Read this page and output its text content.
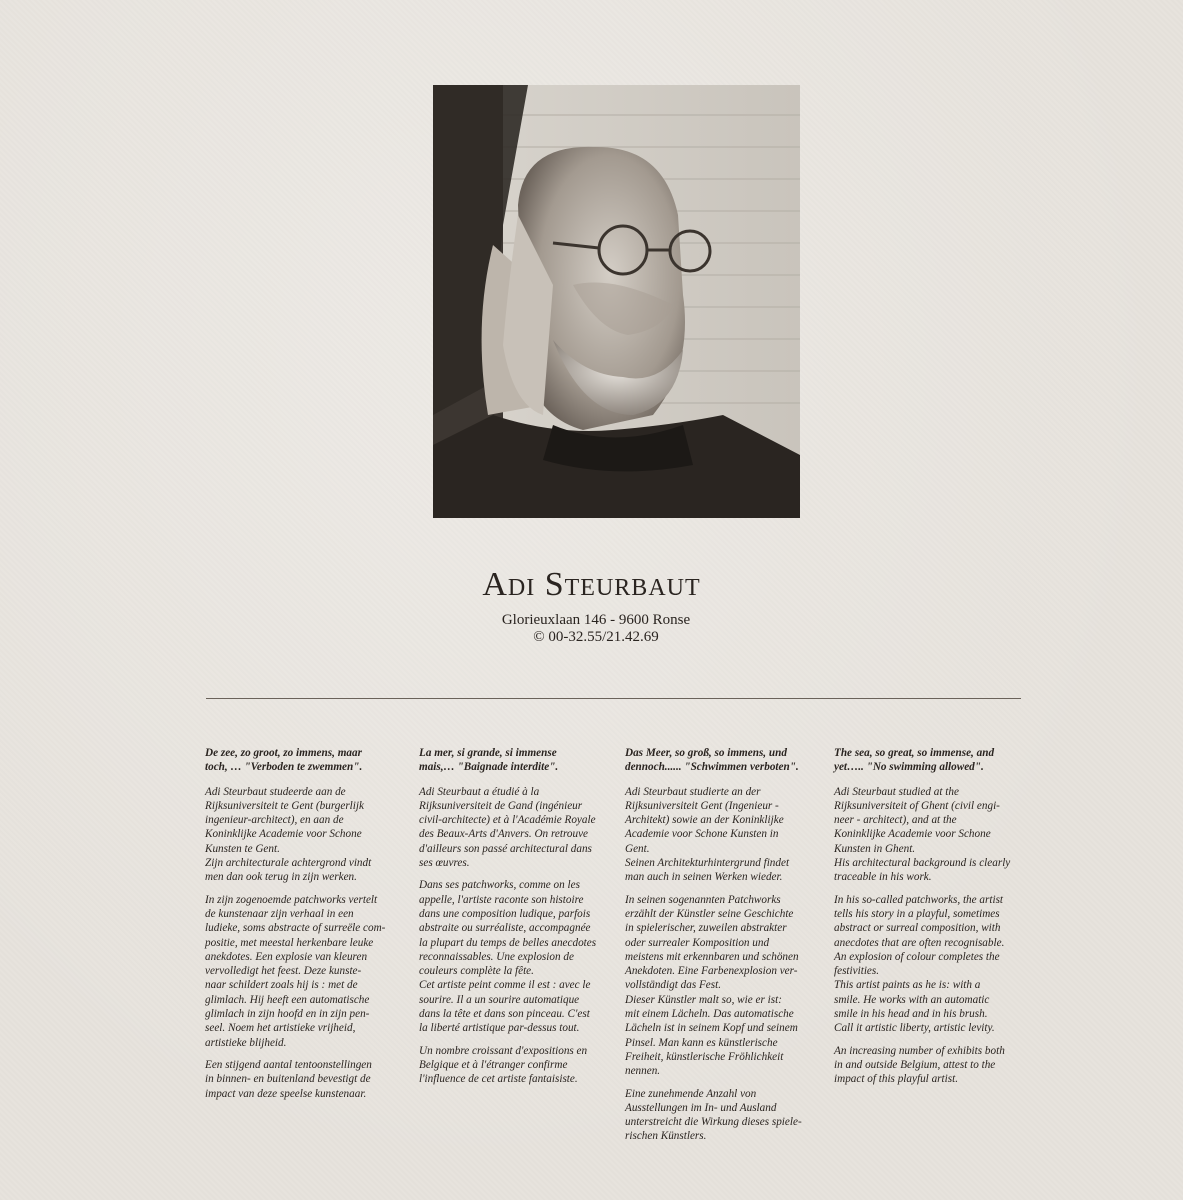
Adi Steurbaut
Glorieuxlaan 146 - 9600 Ronse
© 00-32.55/21.42.69

De zee, zo groot, zo immens, maar
toch, … "Verboden te zwemmen".

Adi Steurbaut studeerde aan de
Rijksuniversiteit te Gent (burgerlijk
ingenieur-architect), en aan de
Koninklijke Academie voor Schone
Kunsten te Gent.
Zijn architecturale achtergrond vindt
men dan ook terug in zijn werken.

In zijn zogenoemde patchworks vertelt
de kunstenaar zijn verhaal in een
ludieke, soms abstracte of surreële com-
positie, met meestal herkenbare leuke
anekdotes. Een explosie van kleuren
vervolledigt het feest. Deze kunste-
naar schildert zoals hij is : met de
glimlach. Hij heeft een automatische
glimlach in zijn hoofd en in zijn pen-
seel. Noem het artistieke vrijheid,
artistieke blijheid.

Een stijgend aantal tentoonstellingen
in binnen- en buitenland bevestigt de
impact van deze speelse kunstenaar.

La mer, si grande, si immense
mais,… "Baignade interdite".

Adi Steurbaut a étudié à la
Rijksuniversiteit de Gand (ingénieur
civil-architecte) et à l'Académie Royale
des Beaux-Arts d'Anvers. On retrouve
d'ailleurs son passé architectural dans
ses œuvres.

Dans ses patchworks, comme on les
appelle, l'artiste raconte son histoire
dans une composition ludique, parfois
abstraite ou surréaliste, accompagnée
la plupart du temps de belles anecdotes
reconnaissables. Une explosion de
couleurs complète la fête.
Cet artiste peint comme il est : avec le
sourire. Il a un sourire automatique
dans la tête et dans son pinceau. C'est
la liberté artistique par-dessus tout.

Un nombre croissant d'expositions en
Belgique et à l'étranger confirme
l'influence de cet artiste fantaisiste.

Das Meer, so groß, so immens, und
dennoch...... "Schwimmen verboten".

Adi Steurbaut studierte an der
Rijksuniversiteit Gent (Ingenieur -
Architekt) sowie an der Koninklijke
Academie voor Schone Kunsten in
Gent.
Seinen Architekturhintergrund findet
man auch in seinen Werken wieder.

In seinen sogenannten Patchworks
erzählt der Künstler seine Geschichte
in spielerischer, zuweilen abstrakter
oder surrealer Komposition und
meistens mit erkennbaren und schönen
Anekdoten. Eine Farbenexplosion ver-
vollständigt das Fest.
Dieser Künstler malt so, wie er ist:
mit einem Lächeln. Das automatische
Lächeln ist in seinem Kopf und seinem
Pinsel. Man kann es künstlerische
Freiheit, künstlerische Fröhlichkeit
nennen.

Eine zunehmende Anzahl von
Ausstellungen im In- und Ausland
unterstreicht die Wirkung dieses spiele-
rischen Künstlers.

The sea, so great, so immense, and
yet….. "No swimming allowed".

Adi Steurbaut studied at the
Rijksuniversiteit of Ghent (civil engi-
neer - architect), and at the
Koninklijke Academie voor Schone
Kunsten in Ghent.
His architectural background is clearly
traceable in his work.

In his so-called patchworks, the artist
tells his story in a playful, sometimes
abstract or surreal composition, with
anecdotes that are often recognisable.
An explosion of colour completes the
festivities.
This artist paints as he is: with a
smile. He works with an automatic
smile in his head and in his brush.
Call it artistic liberty, artistic levity.

An increasing number of exhibits both
in and outside Belgium, attest to the
impact of this playful artist.
